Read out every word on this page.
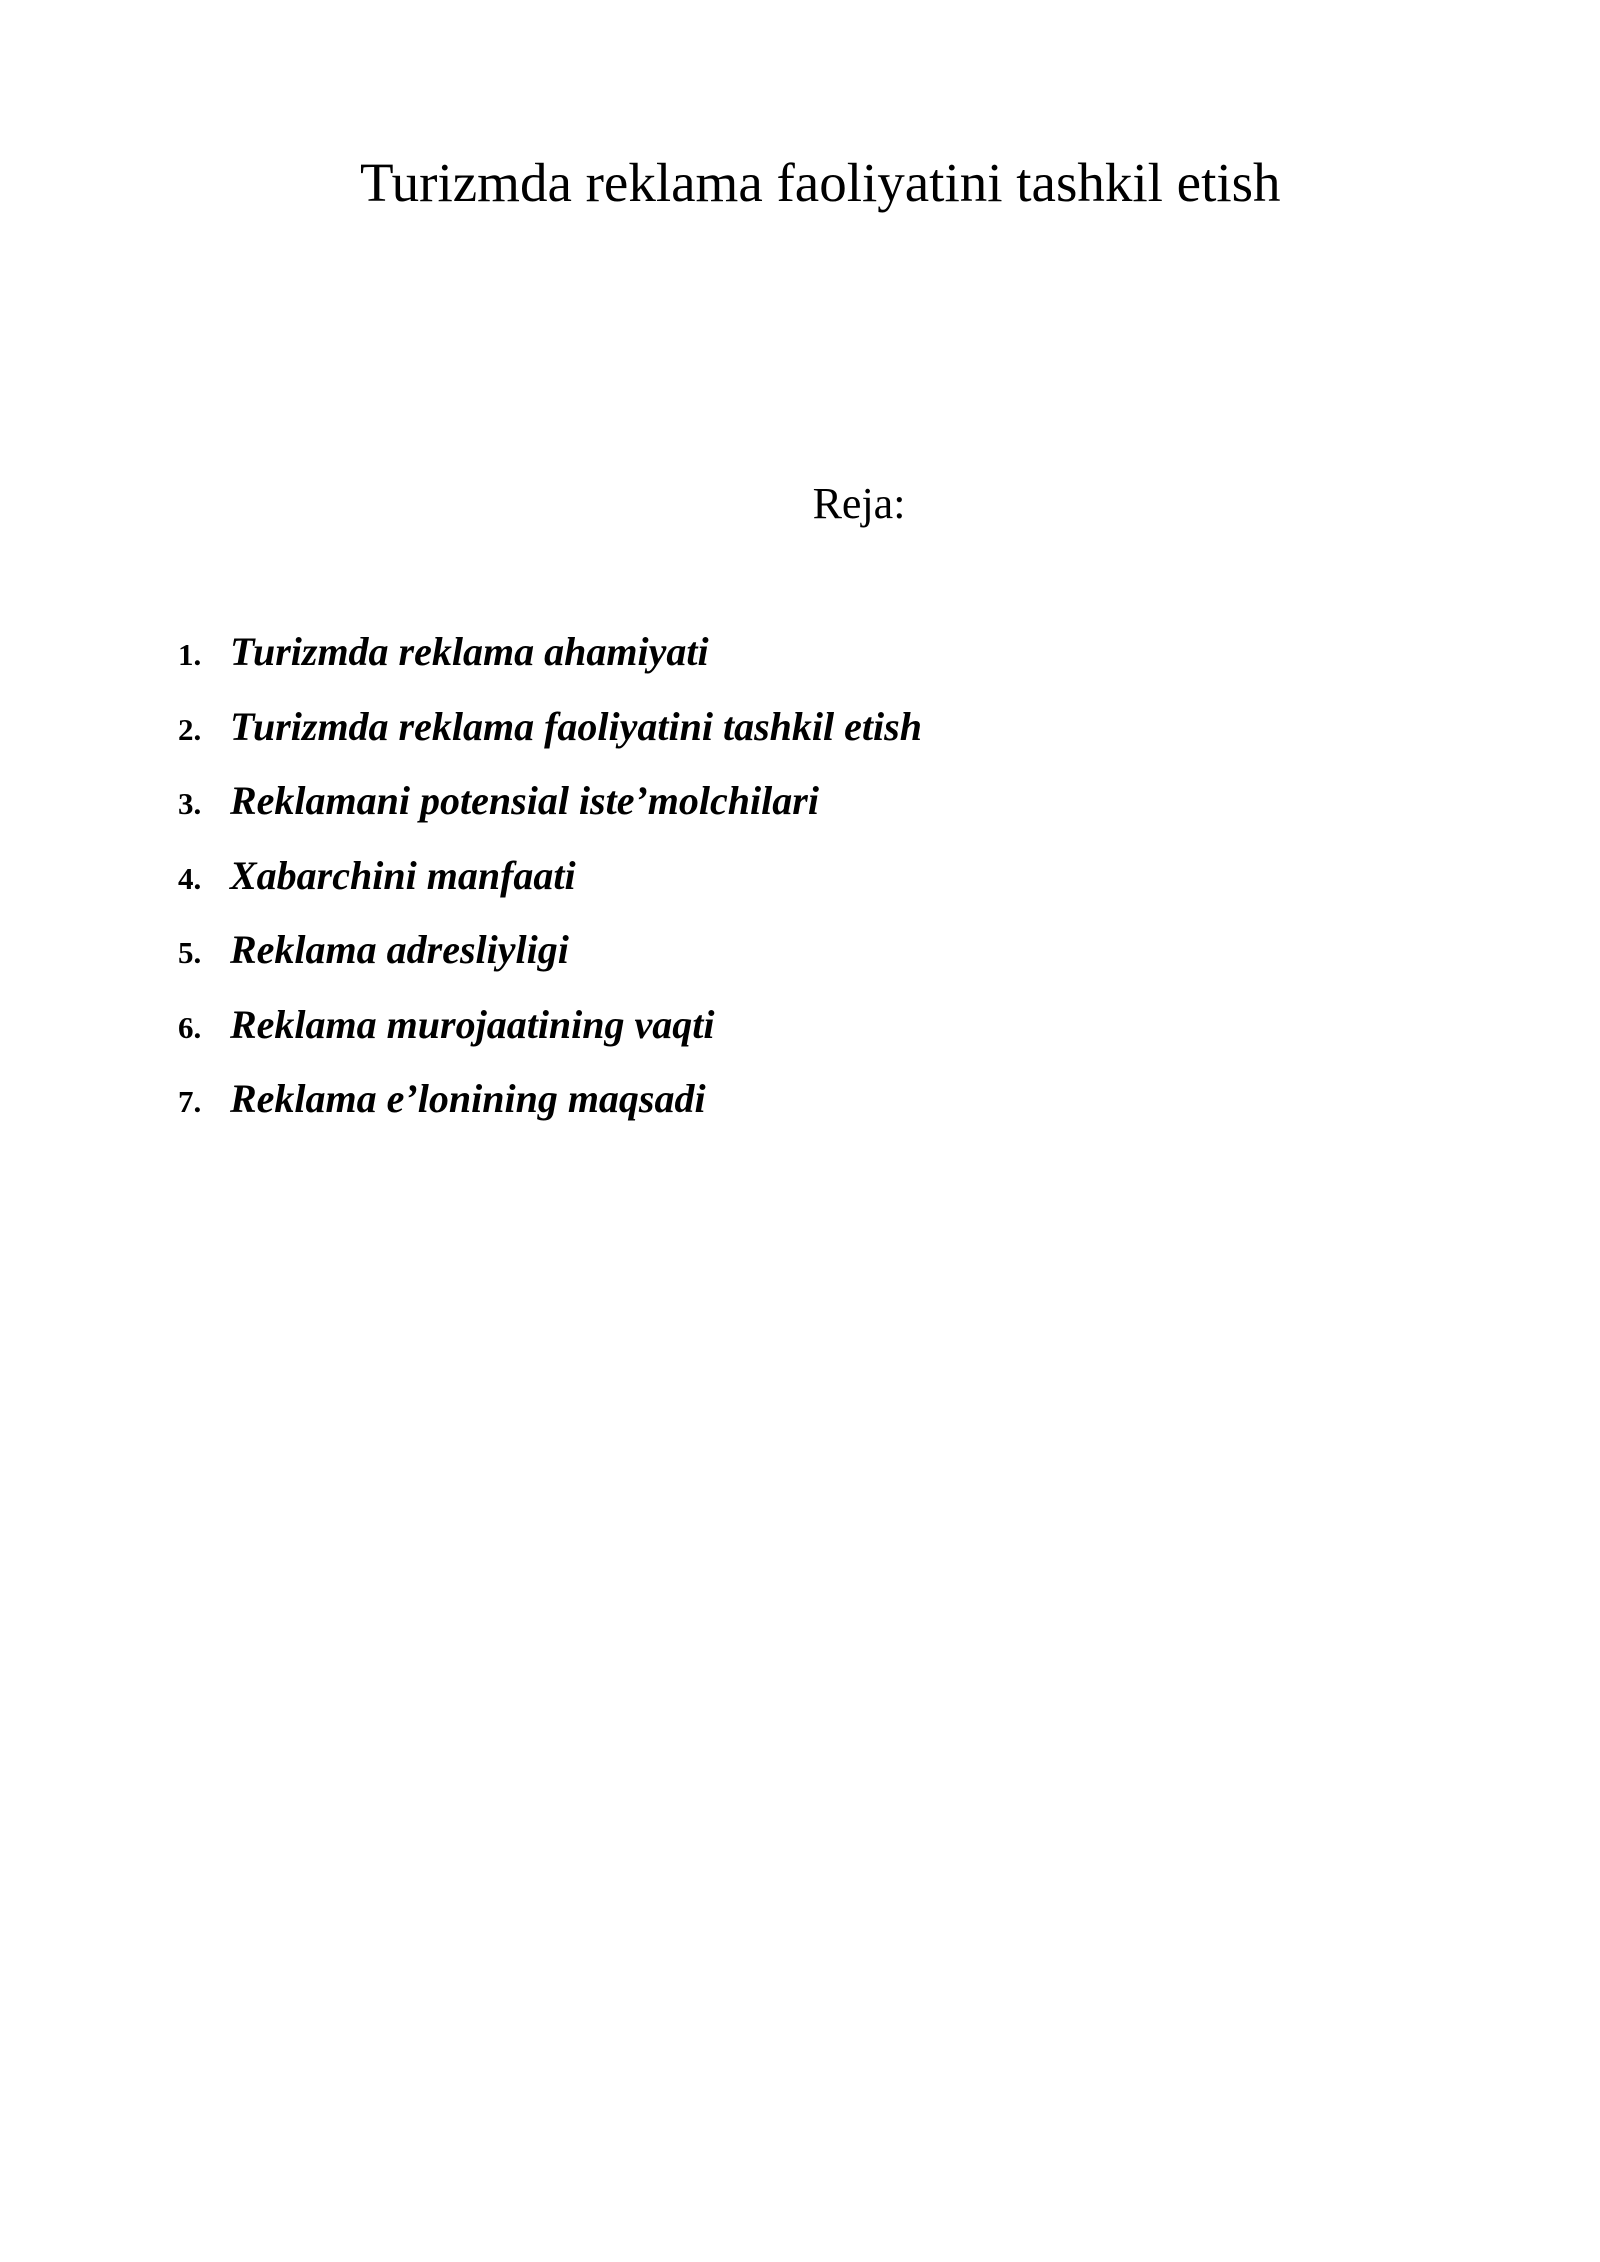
Turizmda reklama faoliyatini tashkil etish
Reja:
1. Turizmda reklama ahamiyati
2. Turizmda reklama faoliyatini tashkil etish
3. Reklamani potensial iste’molchilari
4. Xabarchini manfaati
5. Reklama adresliyligi
6. Reklama murojaatining vaqti
7. Reklama e’lonining maqsadi
